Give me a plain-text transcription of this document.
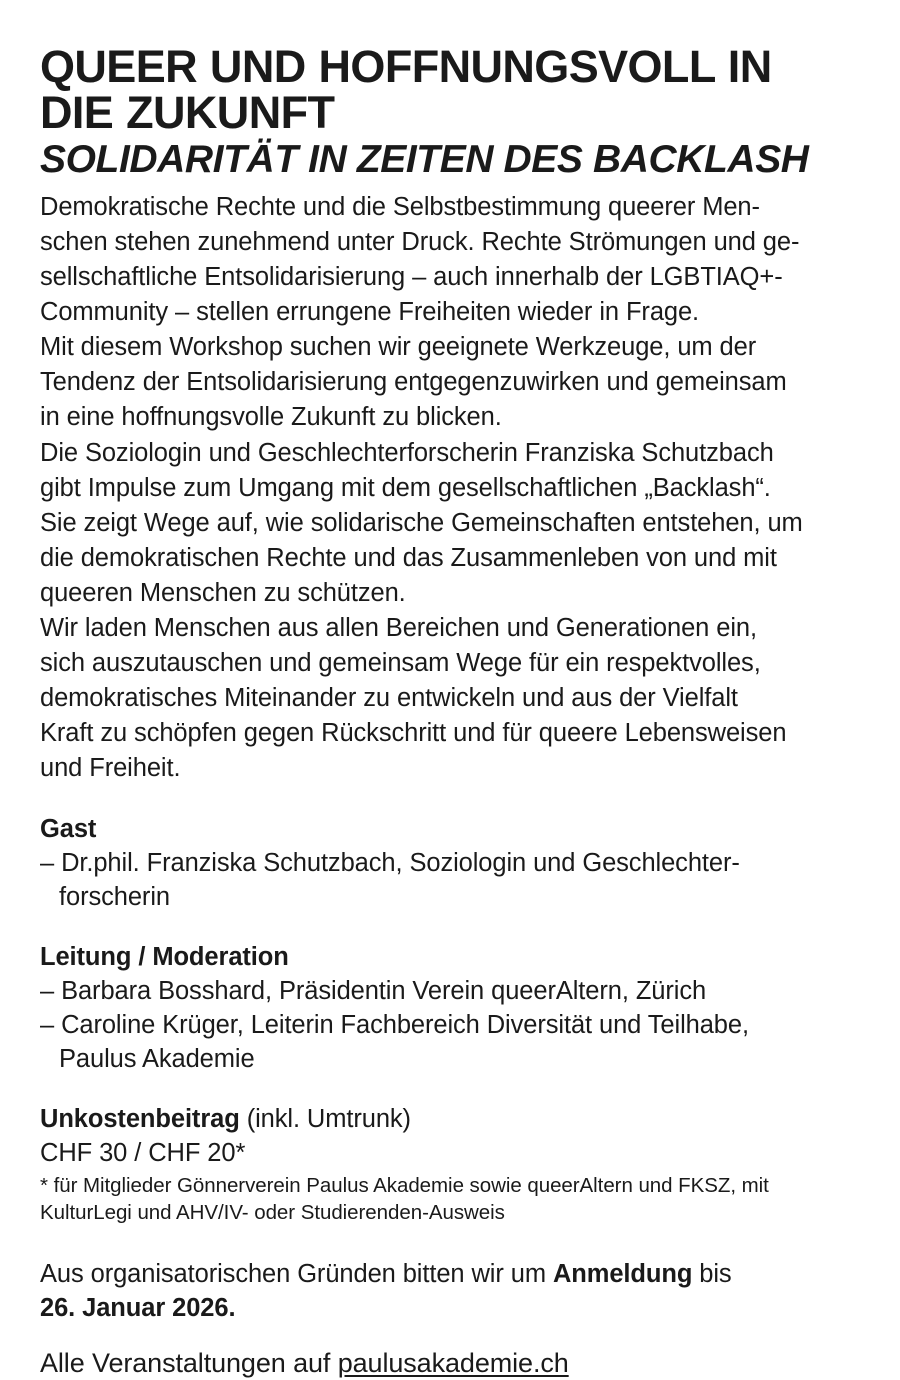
QUEER UND HOFFNUNGSVOLL IN
DIE ZUKUNFT
SOLIDARITÄT IN ZEITEN DES BACKLASH
Demokratische Rechte und die Selbstbestimmung queerer Men-
schen stehen zunehmend unter Druck. Rechte Strömungen und ge-
sellschaftliche Entsolidarisierung – auch innerhalb der LGBTIAQ+-
Community – stellen errungene Freiheiten wieder in Frage.
Mit diesem Workshop suchen wir geeignete Werkzeuge, um der
Tendenz der Entsolidarisierung entgegenzuwirken und gemeinsam
in eine hoffnungsvolle Zukunft zu blicken.
Die Soziologin und Geschlechterforscherin Franziska Schutzbach
gibt Impulse zum Umgang mit dem gesellschaftlichen „Backlash“.
Sie zeigt Wege auf, wie solidarische Gemeinschaften entstehen, um
die demokratischen Rechte und das Zusammenleben von und mit
queeren Menschen zu schützen.
Wir laden Menschen aus allen Bereichen und Generationen ein,
sich auszutauschen und gemeinsam Wege für ein respektvolles,
demokratisches Miteinander zu entwickeln und aus der Vielfalt
Kraft zu schöpfen gegen Rückschritt und für queere Lebensweisen
und Freiheit.
Gast

– Dr.phil. Franziska Schutzbach, Soziologin und Geschlechter-
forscherin

Leitung / Moderation

– Barbara Bosshard, Präsidentin Verein queerAltern, Zürich

– Caroline Krüger, Leiterin Fachbereich Diversität und Teilhabe,
Paulus Akademie

Unkostenbeitrag (inkl. Umtrunk)
CHF 30 / CHF 20*
* für Mitglieder Gönnerverein Paulus Akademie sowie queerAltern und FKSZ, mit
KulturLegi und AHV/IV- oder Studierenden-Ausweis
Aus organisatorischen Gründen bitten wir um Anmeldung bis
26. Januar 2026.
Alle Veranstaltungen auf paulusakademie.ch
